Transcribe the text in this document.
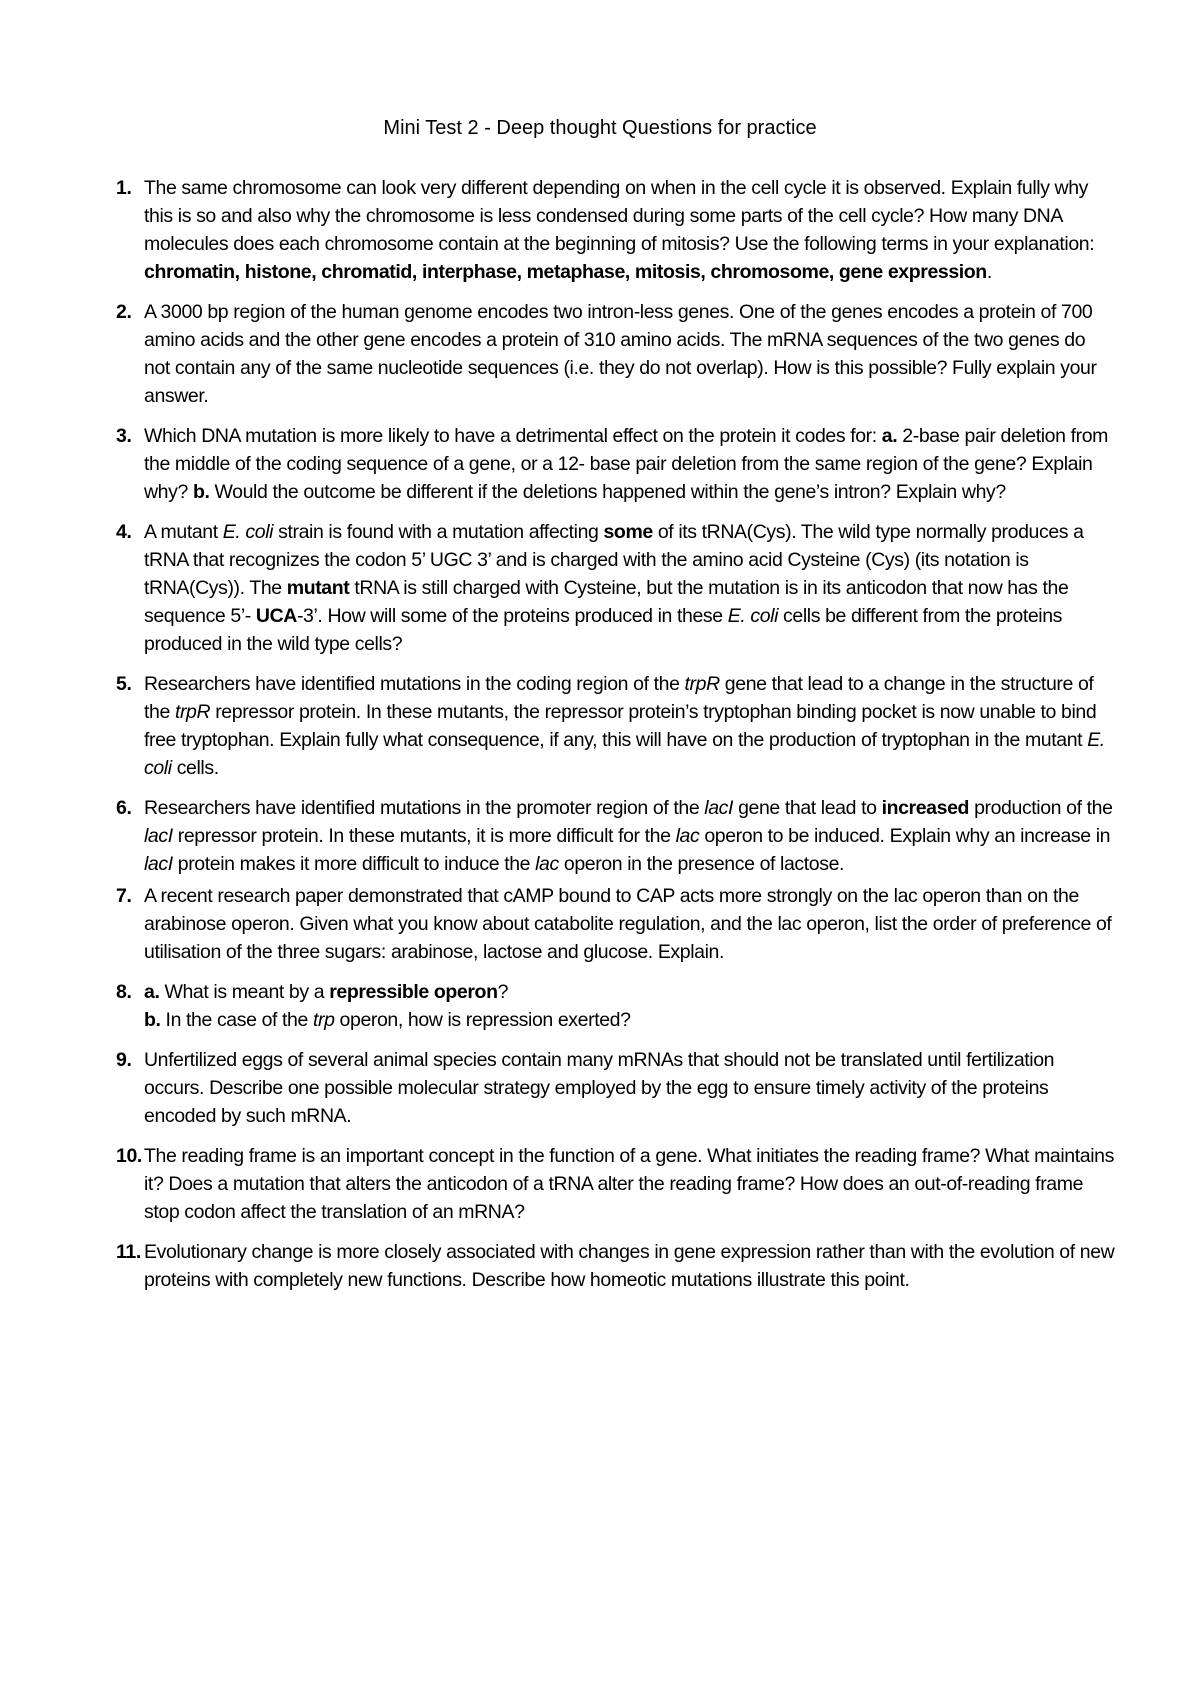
Mini Test 2 - Deep thought Questions for practice
1. The same chromosome can look very different depending on when in the cell cycle it is observed. Explain fully why this is so and also why the chromosome is less condensed during some parts of the cell cycle? How many DNA molecules does each chromosome contain at the beginning of mitosis? Use the following terms in your explanation: chromatin, histone, chromatid, interphase, metaphase, mitosis, chromosome, gene expression.
2. A 3000 bp region of the human genome encodes two intron-less genes. One of the genes encodes a protein of 700 amino acids and the other gene encodes a protein of 310 amino acids. The mRNA sequences of the two genes do not contain any of the same nucleotide sequences (i.e. they do not overlap). How is this possible? Fully explain your answer.
3. Which DNA mutation is more likely to have a detrimental effect on the protein it codes for: a. 2-base pair deletion from the middle of the coding sequence of a gene, or a 12- base pair deletion from the same region of the gene? Explain why? b. Would the outcome be different if the deletions happened within the gene’s intron? Explain why?
4. A mutant E. coli strain is found with a mutation affecting some of its tRNA(Cys). The wild type normally produces a tRNA that recognizes the codon 5’ UGC 3’ and is charged with the amino acid Cysteine (Cys) (its notation is tRNA(Cys)). The mutant tRNA is still charged with Cysteine, but the mutation is in its anticodon that now has the sequence 5’- UCA-3’. How will some of the proteins produced in these E. coli cells be different from the proteins produced in the wild type cells?
5. Researchers have identified mutations in the coding region of the trpR gene that lead to a change in the structure of the trpR repressor protein. In these mutants, the repressor protein’s tryptophan binding pocket is now unable to bind free tryptophan. Explain fully what consequence, if any, this will have on the production of tryptophan in the mutant E. coli cells.
6. Researchers have identified mutations in the promoter region of the lacI gene that lead to increased production of the lacI repressor protein. In these mutants, it is more difficult for the lac operon to be induced. Explain why an increase in lacI protein makes it more difficult to induce the lac operon in the presence of lactose.
7. A recent research paper demonstrated that cAMP bound to CAP acts more strongly on the lac operon than on the arabinose operon. Given what you know about catabolite regulation, and the lac operon, list the order of preference of utilisation of the three sugars: arabinose, lactose and glucose. Explain.
8. a. What is meant by a repressible operon?
b. In the case of the trp operon, how is repression exerted?
9. Unfertilized eggs of several animal species contain many mRNAs that should not be translated until fertilization occurs. Describe one possible molecular strategy employed by the egg to ensure timely activity of the proteins encoded by such mRNA.
10. The reading frame is an important concept in the function of a gene. What initiates the reading frame? What maintains it? Does a mutation that alters the anticodon of a tRNA alter the reading frame? How does an out-of-reading frame stop codon affect the translation of an mRNA?
11. Evolutionary change is more closely associated with changes in gene expression rather than with the evolution of new proteins with completely new functions. Describe how homeotic mutations illustrate this point.
